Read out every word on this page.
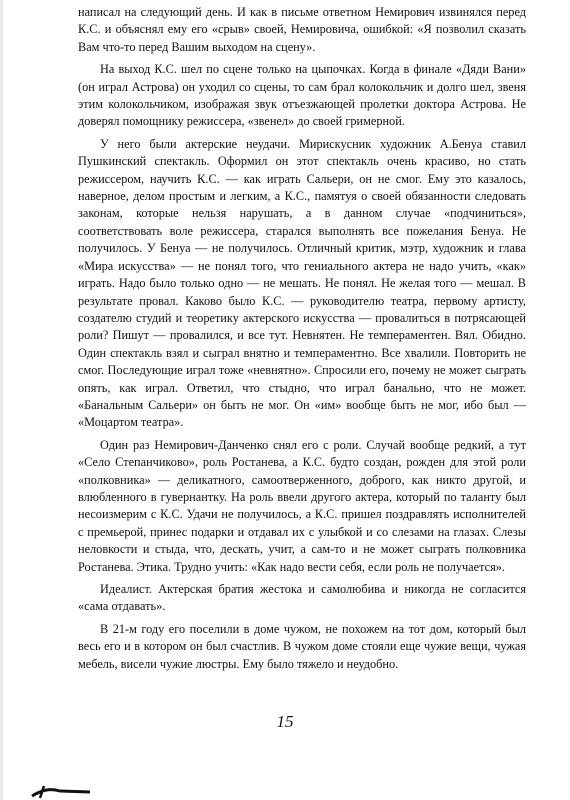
написал на следующий день. И как в письме ответном Немирович извинялся перед К.С. и объяснял ему его «срыв» своей, Немировича, ошибкой: «Я позволил сказать Вам что-то перед Вашим выходом на сцену».

На выход К.С. шел по сцене только на цыпочках. Когда в финале «Дяди Вани» (он играл Астрова) он уходил со сцены, то сам брал колокольчик и долго шел, звеня этим колокольчиком, изображая звук отъезжающей пролетки доктора Астрова. Не доверял помощнику режиссера, «звенел» до своей гримерной.

У него были актерские неудачи. Мирискусник художник А.Бенуа ставил Пушкинский спектакль. Оформил он этот спектакль очень красиво, но стать режиссером, научить К.С. — как играть Сальери, он не смог. Ему это казалось, наверное, делом простым и легким, а К.С., памятуя о своей обязанности следовать законам, которые нельзя нарушать, а в данном случае «подчиниться», соответствовать воле режиссера, старался выполнять все пожелания Бенуа. Не получилось. У Бенуа — не получилось. Отличный критик, мэтр, художник и глава «Мира искусства» — не понял того, что гениального актера не надо учить, «как» играть. Надо было только одно — не мешать. Не понял. Не желая того — мешал. В результате провал. Каково было К.С. — руководителю театра, первому артисту, создателю студий и теоретику актерского искусства — провалиться в потрясающей роли? Пишут — провалился, и все тут. Невнятен. Не темпераментен. Вял. Обидно. Один спектакль взял и сыграл внятно и темпераментно. Все хвалили. Повторить не смог. Последующие играл тоже «невнятно». Спросили его, почему не может сыграть опять, как играл. Ответил, что стыдно, что играл банально, что не может. «Банальным Сальери» он быть не мог. Он «им» вообще быть не мог, ибо был — «Моцартом театра».

Один раз Немирович-Данченко снял его с роли. Случай вообще редкий, а тут «Село Степанчиково», роль Ростанева, а К.С. будто создан, рожден для этой роли «полковника» — деликатного, самоотверженного, доброго, как никто другой, и влюбленного в гувернантку. На роль ввели другого актера, который по таланту был несоизмерим с К.С. Удачи не получилось, а К.С. пришел поздравлять исполнителей с премьерой, принес подарки и отдавал их с улыбкой и со слезами на глазах. Слезы неловкости и стыда, что, дескать, учит, а сам-то и не может сыграть полковника Ростанева. Этика. Трудно учить: «Как надо вести себя, если роль не получается».

Идеалист. Актерская братия жестока и самолюбива и никогда не согласится «сама отдавать».

В 21-м году его поселили в доме чужом, не похожем на тот дом, который был весь его и в котором он был счастлив. В чужом доме стояли еще чужие вещи, чужая мебель, висели чужие люстры. Ему было тяжело и неудобно.

15
